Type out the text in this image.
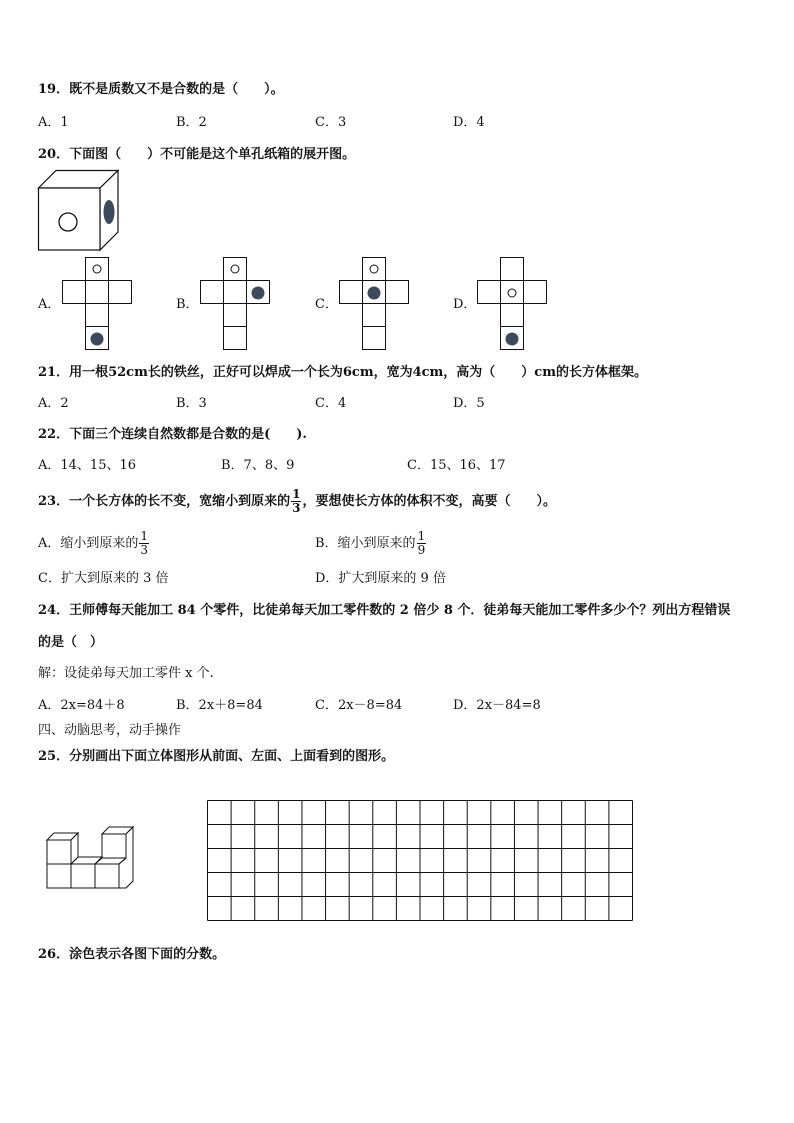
19．既不是质数又不是合数的是（　　）。
A．1	B．2	C．3	D．4
20．下面图（　　）不可能是这个单孔纸箱的展开图。
A．	B．	C．	D．
21．用一根52cm长的铁丝，正好可以焊成一个长为6cm，宽为4cm，高为（　　）cm的长方体框架。
A．2	B．3	C．4	D．5
22．下面三个连续自然数都是合数的是(　　).
A．14、15、16	B．7、8、9	C．15、16、17
23．一个长方体的长不变，宽缩小到原来的 $\frac{1}{3}$ ，要想使长方体的体积不变，高要（　　）。
A．缩小到原来的 $\frac{1}{3}$	B．缩小到原来的 $\frac{1}{9}$
C．扩大到原来的 3 倍	D．扩大到原来的 9 倍
24．王师傅每天能加工 84 个零件，比徒弟每天加工零件数的 2 倍少 8 个．徒弟每天能加工零件多少个？列出方程错误
的是（　）
解：设徒弟每天加工零件 x 个.
A．2x=84＋8	B．2x＋8=84	C．2x－8=84	D．2x－84=8
四、动脑思考，动手操作
25．分别画出下面立体图形从前面、左面、上面看到的图形。
26．涂色表示各图下面的分数。
